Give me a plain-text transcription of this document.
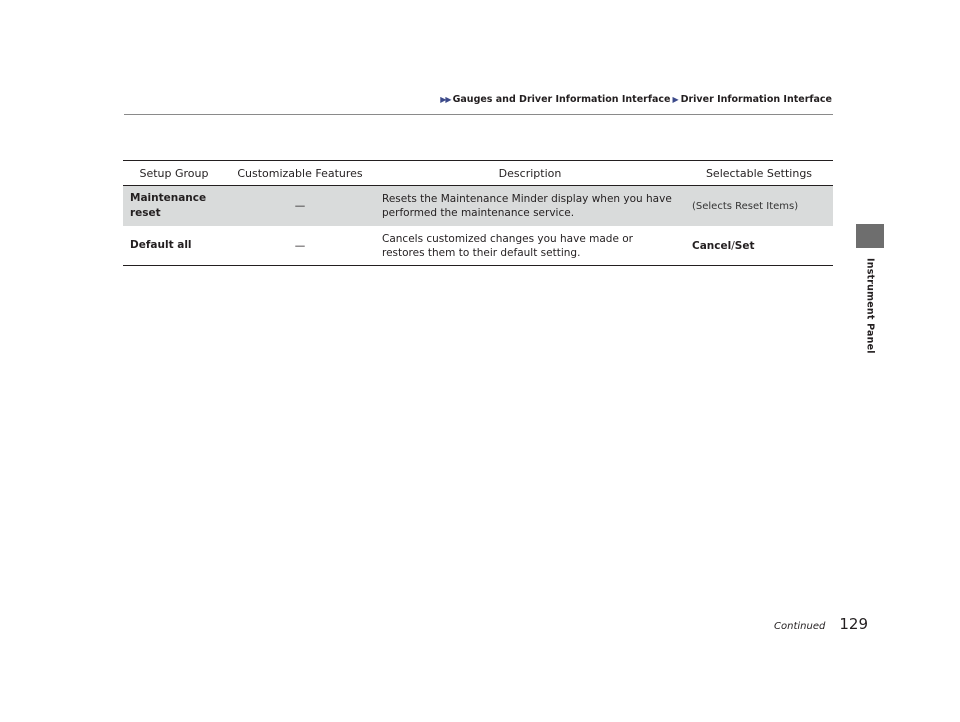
▶▶ Gauges and Driver Information Interface ▶ Driver Information Interface
Instrument Panel
Setup Group	Customizable Features	Description	Selectable Settings
Maintenance reset	—	Resets the Maintenance Minder display when you have performed the maintenance service.	(Selects Reset Items)
Default all	—	Cancels customized changes you have made or restores them to their default setting.	Cancel/Set
Continued 129
